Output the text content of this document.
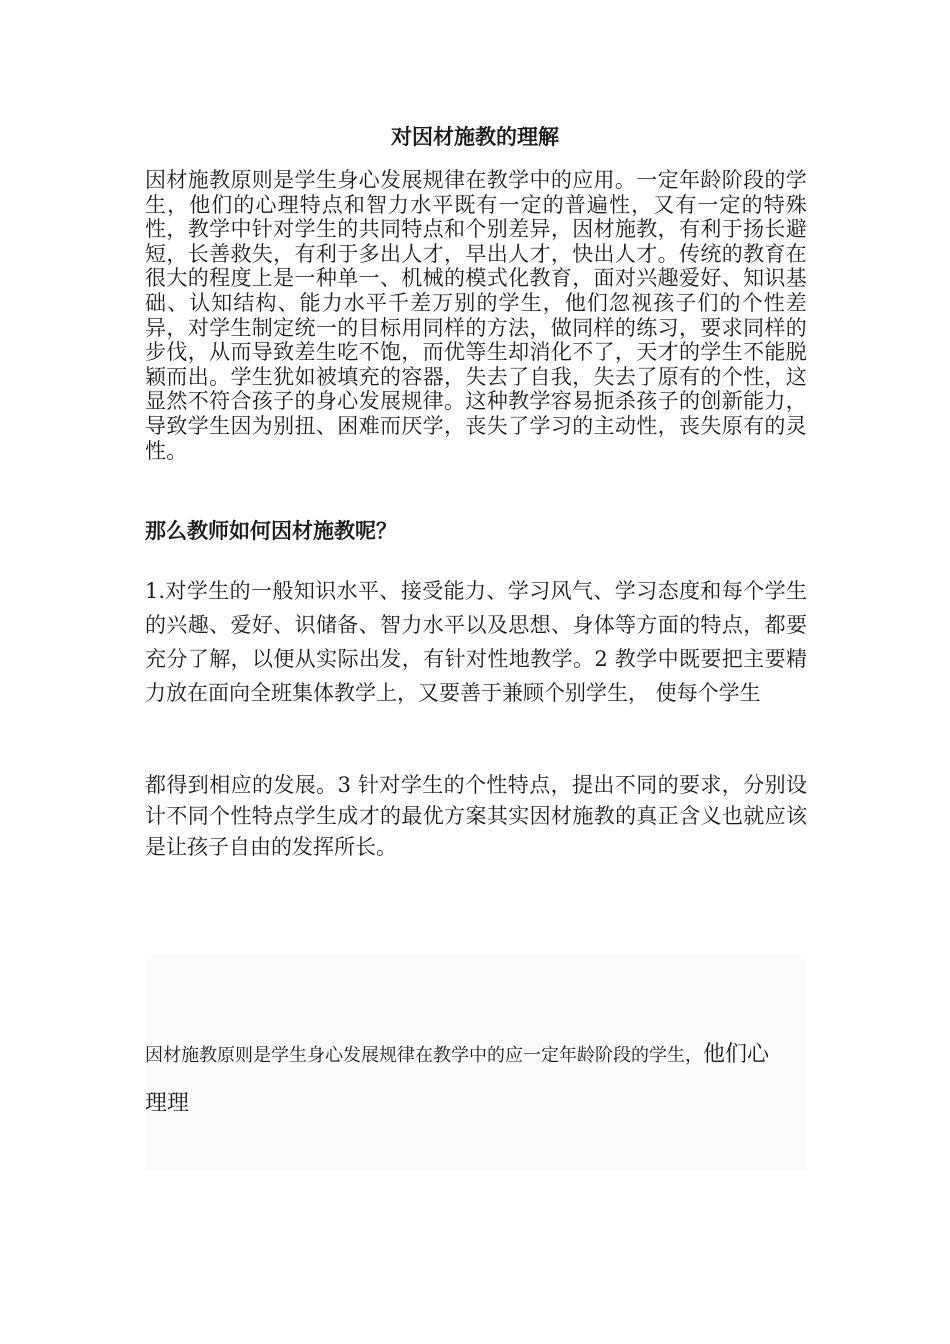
对因材施教的理解

因材施教原则是学生身心发展规律在教学中的应用。一定年龄阶段的学生，他们的心理特点和智力水平既有一定的普遍性，又有一定的特殊性，教学中针对学生的共同特点和个别差异，因材施教，有利于扬长避短，长善救失，有利于多出人才，早出人才，快出人才。传统的教育在很大的程度上是一种单一、机械的模式化教育，面对兴趣爱好、知识基础、认知结构、能力水平千差万别的学生，他们忽视孩子们的个性差异，对学生制定统一的目标用同样的方法，做同样的练习，要求同样的步伐，从而导致差生吃不饱，而优等生却消化不了，天才的学生不能脱颖而出。学生犹如被填充的容器，失去了自我，失去了原有的个性，这显然不符合孩子的身心发展规律。这种教学容易扼杀孩子的创新能力，导致学生因为别扭、困难而厌学，丧失了学习的主动性，丧失原有的灵性。

那么教师如何因材施教呢？

1.对学生的一般知识水平、接受能力、学习风气、学习态度和每个学生的兴趣、爱好、识储备、智力水平以及思想、身体等方面的特点，都要充分了解，以便从实际出发，有针对性地教学。2 教学中既要把主要精力放在面向全班集体教学上，又要善于兼顾个别学生， 使每个学生

都得到相应的发展。3 针对学生的个性特点，提出不同的要求，分别设计不同个性特点学生成才的最优方案其实因材施教的真正含义也就应该是让孩子自由的发挥所长。

因材施教原则是学生身心发展规律在教学中的应一定年龄阶段的学生，他们心

理理
